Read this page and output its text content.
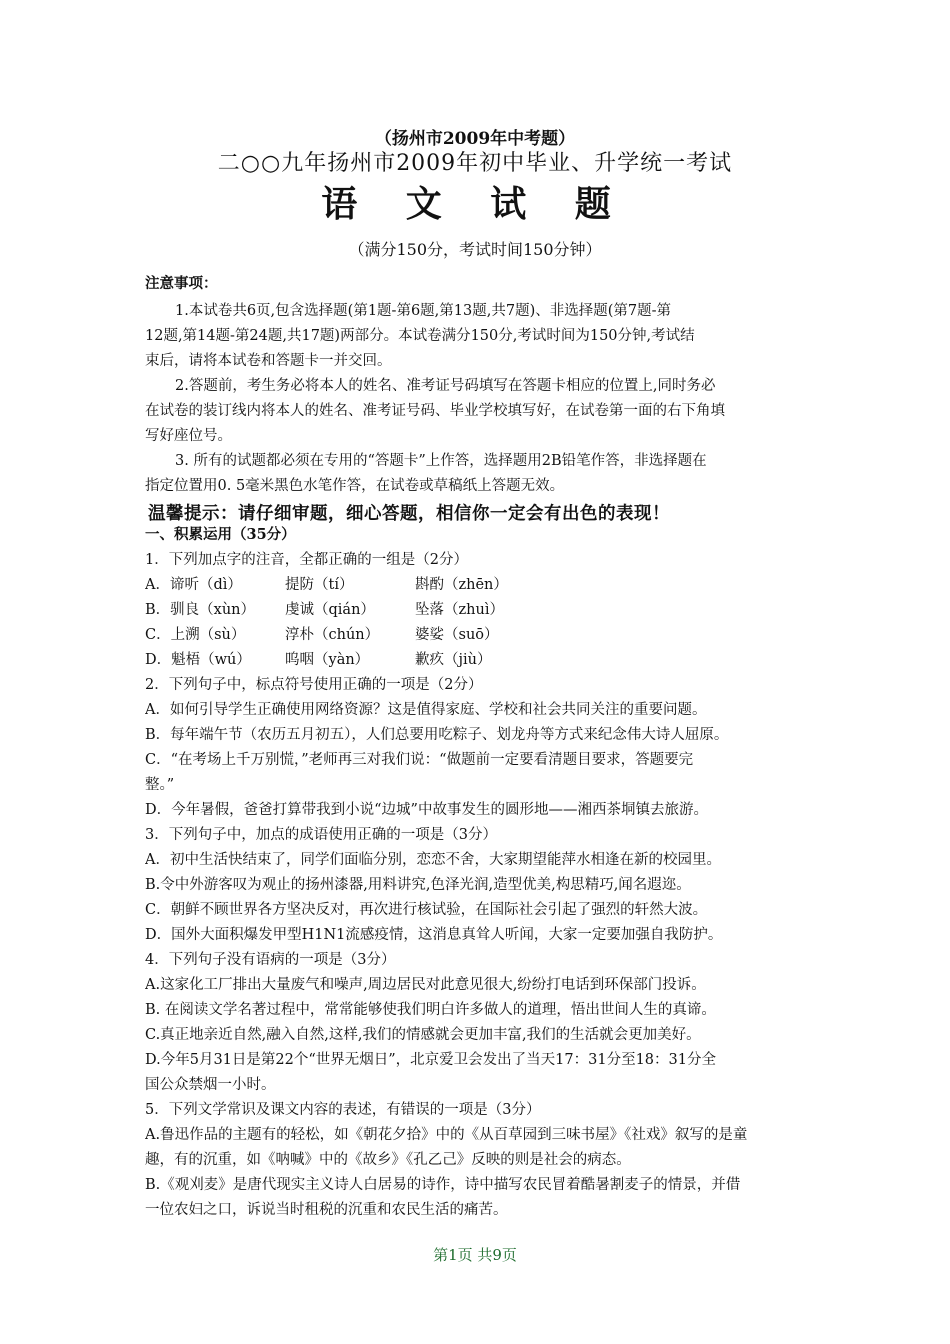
（扬州市2009年中考题）
二○○九年扬州市2009年初中毕业、升学统一考试
语 文 试 题
（满分150分，考试时间150分钟）
注意事项：
1.本试卷共6页,包含选择题(第1题-第6题,第13题,共7题)、非选择题(第7题-第
12题,第14题-第24题,共17题)两部分。本试卷满分150分,考试时间为150分钟,考试结
束后，请将本试卷和答题卡一并交回。
2.答题前，考生务必将本人的姓名、准考证号码填写在答题卡相应的位置上,同时务必
在试卷的装订线内将本人的姓名、准考证号码、毕业学校填写好，在试卷第一面的右下角填
写好座位号。
3. 所有的试题都必须在专用的“答题卡”上作答，选择题用2B铅笔作答，非选择题在
指定位置用0. 5毫米黑色水笔作答，在试卷或草稿纸上答题无效。
温馨提示：请仔细审题，细心答题，相信你一定会有出色的表现！
一、积累运用（35分）
1．下列加点字的注音，全都正确的一组是（2分）
A．谛听（dì）	提防（tí）	斟酌（zhēn）
B．驯良（xùn） 虔诚（qián）	坠落（zhuì）
C．上溯（sù）	淳朴（chún） 婆娑（suō）
D．魁梧（wú） 呜咽（yàn）	歉疚（jiù）
2．下列句子中，标点符号使用正确的一项是（2分）
A．如何引导学生正确使用网络资源？这是值得家庭、学校和社会共同关注的重要问题。
B．每年端午节（农历五月初五），人们总要用吃粽子、划龙舟等方式来纪念伟大诗人屈原。
C．“在考场上千万别慌，”老师再三对我们说：“做题前一定要看清题目要求，答题要完
整。”
D．今年暑假，爸爸打算带我到小说“边城”中故事发生的圆形地——湘西茶垌镇去旅游。
3．下列句子中，加点的成语使用正确的一项是（3分）
A．初中生活快结束了，同学们面临分别，恋恋不舍，大家期望能萍水相逢在新的校园里。
B.令中外游客叹为观止的扬州漆器,用料讲究,色泽光润,造型优美,构思精巧,闻名遐迩。
C．朝鲜不顾世界各方坚决反对，再次进行核试验，在国际社会引起了强烈的轩然大波。
D．国外大面积爆发甲型H1N1流感疫情，这消息真耸人听闻，大家一定要加强自我防护。
4．下列句子没有语病的一项是（3分）
A.这家化工厂排出大量废气和噪声,周边居民对此意见很大,纷纷打电话到环保部门投诉。
B. 在阅读文学名著过程中，常常能够使我们明白许多做人的道理，悟出世间人生的真谛。
C.真正地亲近自然,融入自然,这样,我们的情感就会更加丰富,我们的生活就会更加美好。
D.今年5月31日是第22个“世界无烟日”，北京爱卫会发出了当天17：31分至18：31分全
国公众禁烟一小时。
5．下列文学常识及课文内容的表述，有错误的一项是（3分）
A.鲁迅作品的主题有的轻松，如《朝花夕拾》中的《从百草园到三味书屋》《社戏》叙写的是童
趣，有的沉重，如《呐喊》中的《故乡》《孔乙己》反映的则是社会的病态。
B.《观刈麦》是唐代现实主义诗人白居易的诗作，诗中描写农民冒着酷暑割麦子的情景，并借
一位农妇之口，诉说当时租税的沉重和农民生活的痛苦。
第1页 共9页
